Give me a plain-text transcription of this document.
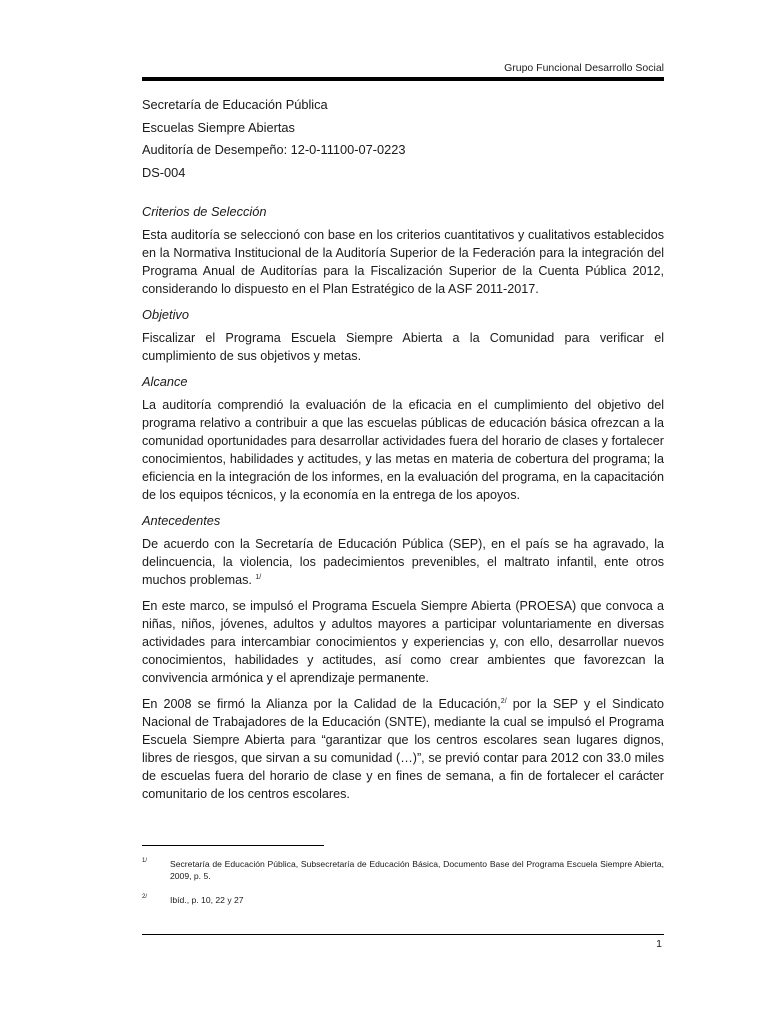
Grupo Funcional Desarrollo Social

Secretaría de Educación Pública

Escuelas Siempre Abiertas

Auditoría de Desempeño: 12-0-11100-07-0223

DS-004

Criterios de Selección

Esta auditoría se seleccionó con base en los criterios cuantitativos y cualitativos establecidos en la Normativa Institucional de la Auditoría Superior de la Federación para la integración del Programa Anual de Auditorías para la Fiscalización Superior de la Cuenta Pública 2012, considerando lo dispuesto en el Plan Estratégico de la ASF 2011-2017.

Objetivo

Fiscalizar el Programa Escuela Siempre Abierta a la Comunidad para verificar el cumplimiento de sus objetivos y metas.

Alcance

La auditoría comprendió la evaluación de la eficacia en el cumplimiento del objetivo del programa relativo a contribuir a que las escuelas públicas de educación básica ofrezcan a la comunidad oportunidades para desarrollar actividades fuera del horario de clases y fortalecer conocimientos, habilidades y actitudes, y las metas en materia de cobertura del programa; la eficiencia en la integración de los informes, en la evaluación del programa, en la capacitación de los equipos técnicos, y la economía en la entrega de los apoyos.

Antecedentes

De acuerdo con la Secretaría de Educación Pública (SEP), en el país se ha agravado, la delincuencia, la violencia, los padecimientos prevenibles, el maltrato infantil, ente otros muchos problemas. $^{1/}$

En este marco, se impulsó el Programa Escuela Siempre Abierta (PROESA) que convoca a niñas, niños, jóvenes, adultos y adultos mayores a participar voluntariamente en diversas actividades para intercambiar conocimientos y experiencias y, con ello, desarrollar nuevos conocimientos, habilidades y actitudes, así como crear ambientes que favorezcan la convivencia armónica y el aprendizaje permanente.

En 2008 se firmó la Alianza por la Calidad de la Educación,$^{2/}$ por la SEP y el Sindicato Nacional de Trabajadores de la Educación (SNTE), mediante la cual se impulsó el Programa Escuela Siempre Abierta para “garantizar que los centros escolares sean lugares dignos, libres de riesgos, que sirvan a su comunidad (…)”, se previó contar para 2012 con 33.0 miles de escuelas fuera del horario de clase y en fines de semana, a fin de fortalecer el carácter comunitario de los centros escolares.

1/	Secretaría de Educación Pública, Subsecretaría de Educación Básica, Documento Base del Programa Escuela Siempre Abierta, 2009, p. 5.
2/	Ibíd., p. 10, 22 y 27
1
